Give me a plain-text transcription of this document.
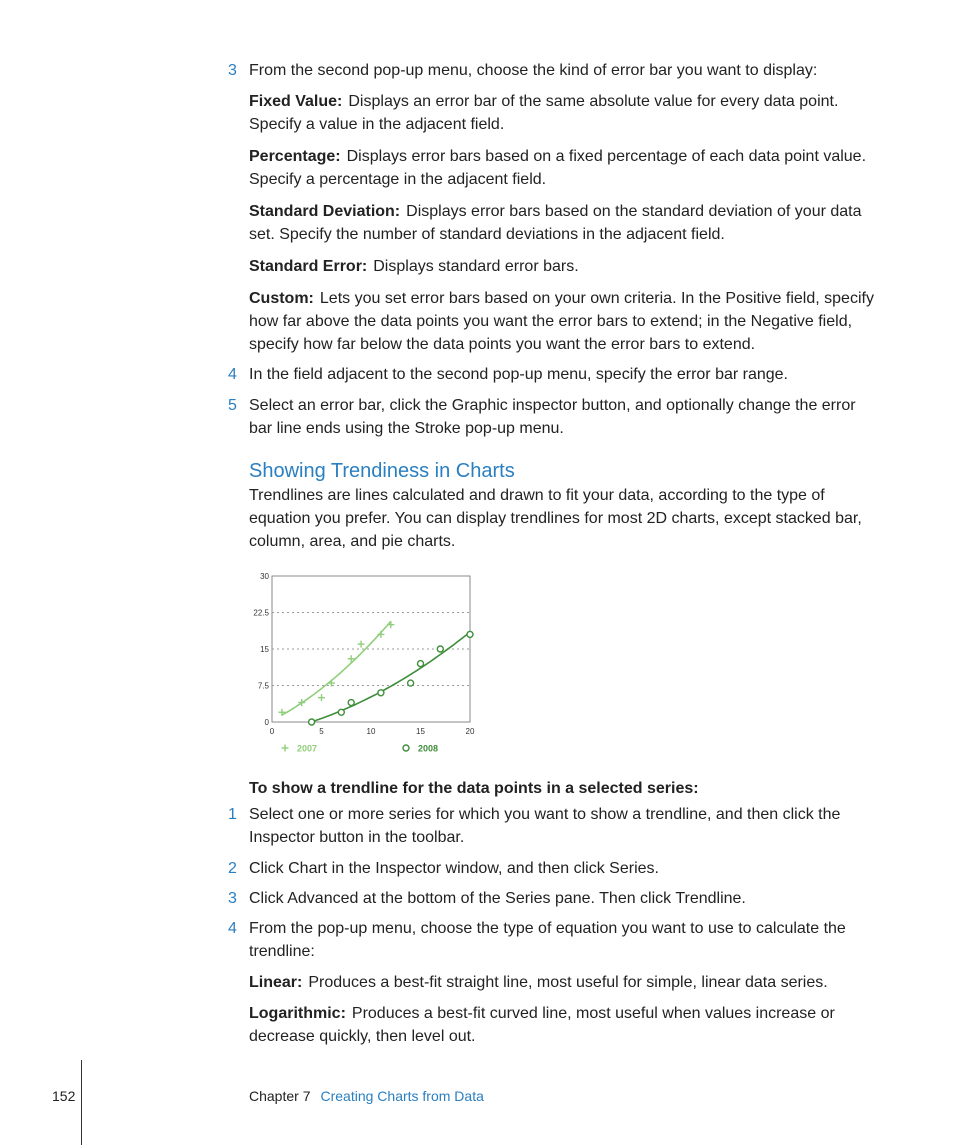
3 From the second pop-up menu, choose the kind of error bar you want to display:
Fixed Value: Displays an error bar of the same absolute value for every data point. Specify a value in the adjacent field.
Percentage: Displays error bars based on a fixed percentage of each data point value. Specify a percentage in the adjacent field.
Standard Deviation: Displays error bars based on the standard deviation of your data set. Specify the number of standard deviations in the adjacent field.
Standard Error: Displays standard error bars.
Custom: Lets you set error bars based on your own criteria. In the Positive field, specify how far above the data points you want the error bars to extend; in the Negative field, specify how far below the data points you want the error bars to extend.
4 In the field adjacent to the second pop-up menu, specify the error bar range.
5 Select an error bar, click the Graphic inspector button, and optionally change the error bar line ends using the Stroke pop-up menu.
Showing Trendiness in Charts
Trendlines are lines calculated and drawn to fit your data, according to the type of equation you prefer. You can display trendlines for most 2D charts, except stacked bar, column, area, and pie charts.
0
7.5
15
22.5
30
0	5	10	15	20
2007	2008
To show a trendline for the data points in a selected series:
1 Select one or more series for which you want to show a trendline, and then click the Inspector button in the toolbar.
2 Click Chart in the Inspector window, and then click Series.
3 Click Advanced at the bottom of the Series pane. Then click Trendline.
4 From the pop-up menu, choose the type of equation you want to use to calculate the trendline:
Linear: Produces a best-fit straight line, most useful for simple, linear data series.
Logarithmic: Produces a best-fit curved line, most useful when values increase or decrease quickly, then level out.
152	Chapter 7 Creating Charts from Data
